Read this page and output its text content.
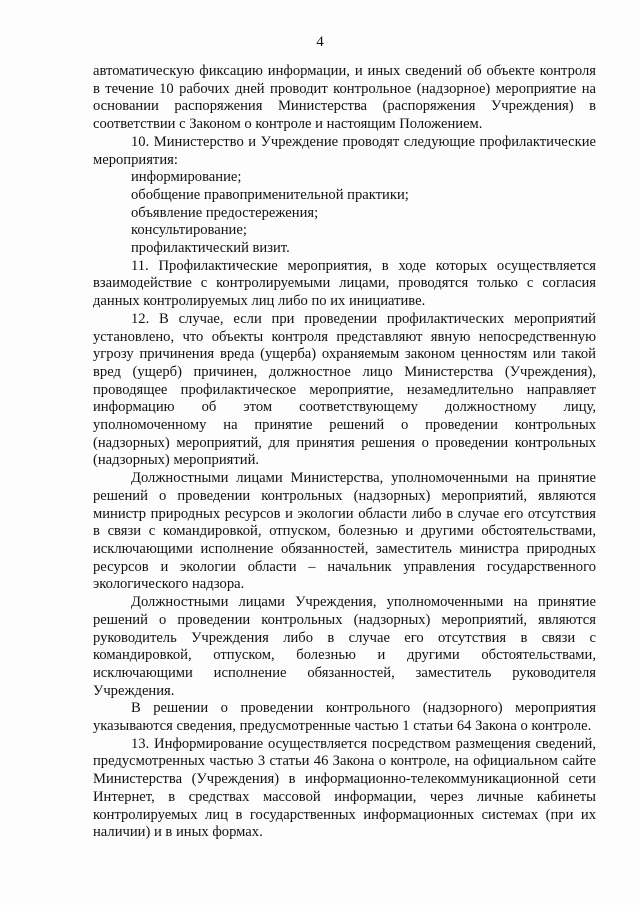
4

автоматическую фиксацию информации, и иных сведений об объекте контроля в течение 10 рабочих дней проводит контрольное (надзорное) мероприятие на основании распоряжения Министерства (распоряжения Учреждения) в соответствии с Законом о контроле и настоящим Положением.

10. Министерство и Учреждение проводят следующие профилактические мероприятия:

информирование;

обобщение правоприменительной практики;

объявление предостережения;

консультирование;

профилактический визит.

11. Профилактические мероприятия, в ходе которых осуществляется взаимодействие с контролируемыми лицами, проводятся только с согласия данных контролируемых лиц либо по их инициативе.

12. В случае, если при проведении профилактических мероприятий установлено, что объекты контроля представляют явную непосредственную угрозу причинения вреда (ущерба) охраняемым законом ценностям или такой вред (ущерб) причинен, должностное лицо Министерства (Учреждения), проводящее профилактическое мероприятие, незамедлительно направляет информацию об этом соответствующему должностному лицу, уполномоченному на принятие решений о проведении контрольных (надзорных) мероприятий, для принятия решения о проведении контрольных (надзорных) мероприятий.

Должностными лицами Министерства, уполномоченными на принятие решений о проведении контрольных (надзорных) мероприятий, являются министр природных ресурсов и экологии области либо в случае его отсутствия в связи с командировкой, отпуском, болезнью и другими обстоятельствами, исключающими исполнение обязанностей, заместитель министра природных ресурсов и экологии области – начальник управления государственного экологического надзора.

Должностными лицами Учреждения, уполномоченными на принятие решений о проведении контрольных (надзорных) мероприятий, являются руководитель Учреждения либо в случае его отсутствия в связи с командировкой, отпуском, болезнью и другими обстоятельствами, исключающими исполнение обязанностей, заместитель руководителя Учреждения.

В решении о проведении контрольного (надзорного) мероприятия указываются сведения, предусмотренные частью 1 статьи 64 Закона о контроле.

13. Информирование осуществляется посредством размещения сведений, предусмотренных частью 3 статьи 46 Закона о контроле, на официальном сайте Министерства (Учреждения) в информационно-телекоммуникационной сети Интернет, в средствах массовой информации, через личные кабинеты контролируемых лиц в государственных информационных системах (при их наличии) и в иных формах.
